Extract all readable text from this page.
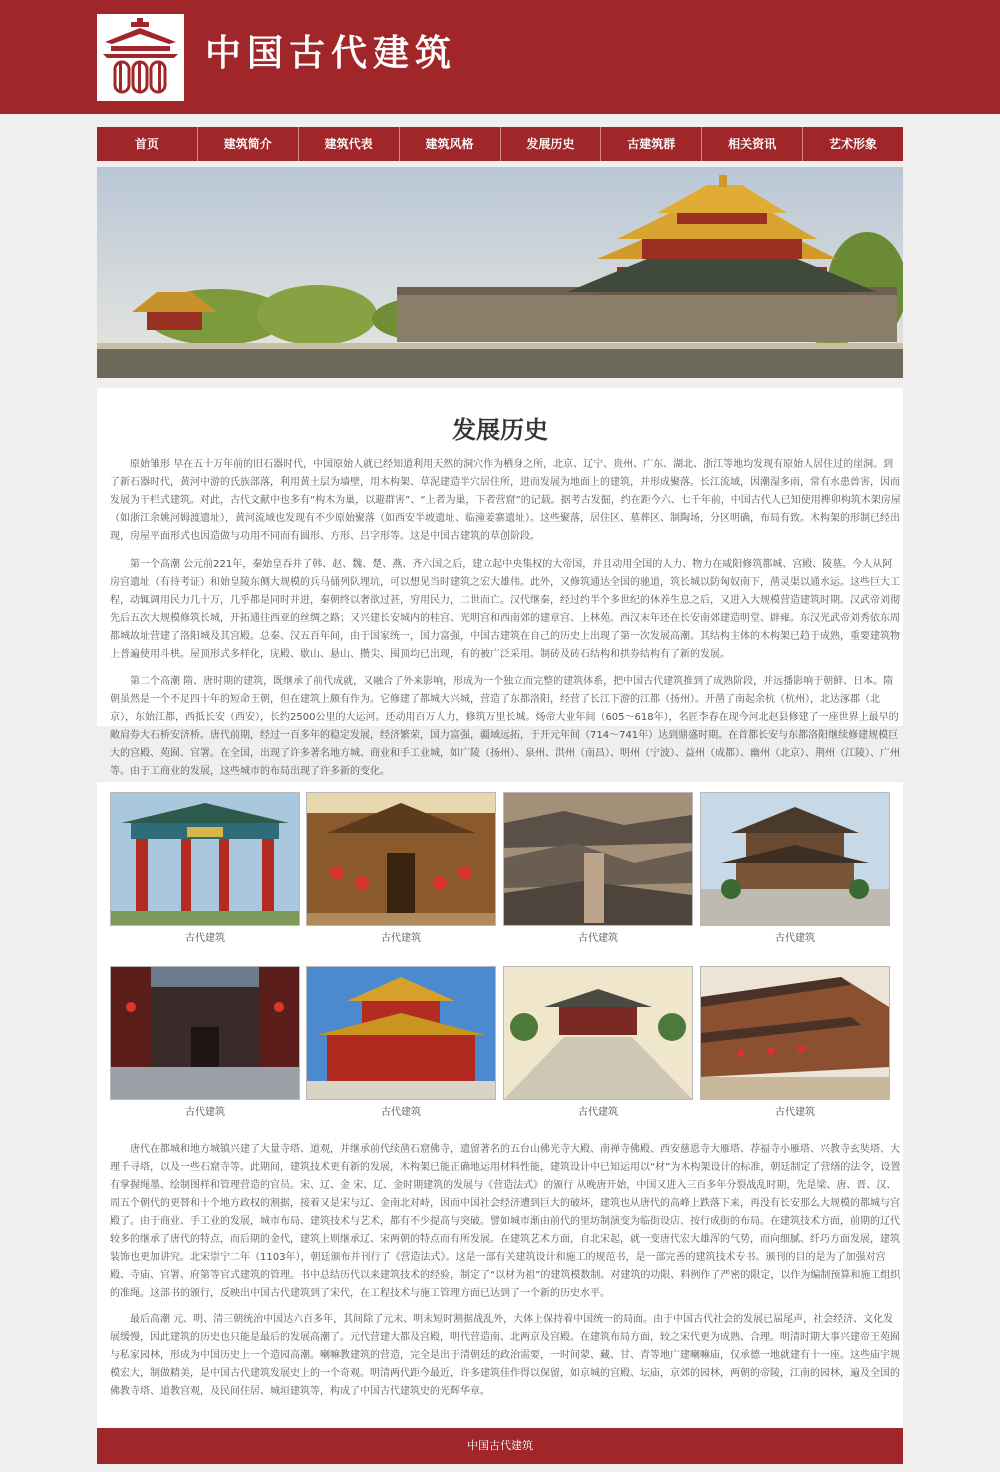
中国古代建筑
首页	建筑简介	建筑代表	建筑风格	发展历史	古建筑群	相关资讯	艺术形象
发展历史

原始雏形 早在五十万年前的旧石器时代，中国原始人就已经知道利用天然的洞穴作为栖身之所，北京、辽宁、贵州、广东、湖北、浙江等地均发现有原始人居住过的崖洞。到了新石器时代，黄河中游的氏族部落，利用黄土层为墙壁，用木构架、草泥建造半穴居住所，进而发展为地面上的建筑，并形成聚落。长江流域，因潮湿多雨，常有水患兽害，因而发展为干栏式建筑。对此，古代文献中也多有“构木为巢，以避群害”、“上者为巢，下者营窟”的记载。据考古发掘，约在距今六、七千年前，中国古代人已知使用榫卯构筑木架房屋（如浙江余姚河姆渡遗址），黄河流域也发现有不少原始聚落（如西安半坡遗址、临潼姜寨遗址）。这些聚落，居住区、墓葬区、制陶场，分区明确，布局有致。木构架的形制已经出现，房屋平面形式也因造做与功用不同而有圆形、方形、吕字形等。这是中国古建筑的草创阶段。

第一个高潮 公元前221年，秦始皇吞并了韩、赵、魏、楚、燕、齐六国之后，建立起中央集权的大帝国，并且动用全国的人力、物力在咸阳修筑都城、宫殿、陵墓。今人从阿房宫遗址（有待考证）和始皇陵东侧大规模的兵马俑列队埋坑，可以想见当时建筑之宏大雄伟。此外，又修筑通达全国的驰道，筑长城以防匈奴南下，凿灵渠以通水运。这些巨大工程，动辄调用民力几十万，几乎都是同时并进，秦朝终以奢欲过甚，穷用民力，二世而亡。汉代继秦，经过约半个多世纪的休养生息之后，又进入大规模营造建筑时期。汉武帝刘彻先后五次大规模修筑长城，开拓通往西亚的丝绸之路；又兴建长安城内的桂宫、光明宫和西南郊的建章宫、上林苑。西汉末年还在长安南郊建造明堂、辟雍。东汉光武帝刘秀依东周都城故址营建了洛阳城及其宫殿。总秦、汉五百年间，由于国家统一，国力富强，中国古建筑在自己的历史上出现了第一次发展高潮。其结构主体的木构架已趋于成熟，重要建筑物上普遍使用斗栱。屋顶形式多样化，庑殿、歇山、悬山、攒尖、囤顶均已出现，有的被广泛采用。制砖及砖石结构和拱券结构有了新的发展。

第二个高潮 隋、唐时期的建筑，既继承了前代成就，又融合了外来影响，形成为一个独立而完整的建筑体系，把中国古代建筑推到了成熟阶段，并远播影响于朝鲜、日本。隋朝虽然是一个不足四十年的短命王朝，但在建筑上颇有作为。它修建了都城大兴城，营造了东都洛阳，经营了长江下游的江都（扬州）。开凿了南起余杭（杭州），北达涿郡（北京），东始江都，西抵长安（西安），长约2500公里的大运河。还动用百万人力，修筑万里长城。炀帝大业年间（605～618年），名匠李春在现今河北赵县修建了一座世界上最早的敞肩券大石桥安济桥。唐代前期，经过一百多年的稳定发展，经济繁荣，国力富强，疆域远拓，于开元年间（714～741年）达到鼎盛时期。在首都长安与东都洛阳继续修建规模巨大的宫殿、苑囿、官署。在全国，出现了许多著名地方城、商业和手工业城，如广陵（扬州）、泉州、洪州（南昌）、明州（宁波）、益州（成都）、幽州（北京）、荆州（江陵）、广州等。由于工商业的发展，这些城市的布局出现了许多新的变化。

古代建筑	古代建筑	古代建筑	古代建筑
古代建筑	古代建筑	古代建筑	古代建筑

唐代在都城和地方城镇兴建了大量寺塔、道观，并继承前代续凿石窟佛寺，遗留著名的五台山佛光寺大殿、南禅寺佛殿、西安慈恩寺大雁塔、荐福寺小雁塔、兴教寺玄奘塔、大理千寻塔，以及一些石窟寺等。此期间，建筑技术更有新的发展，木构架已能正确地运用材料性能，建筑设计中已知运用以“材”为木构架设计的标准，朝廷制定了营缮的法令，设置有掌握绳墨、绘制图样和管理营造的官员。宋、辽、金 宋、辽、金时期建筑的发展与《营造法式》的颁行 从晚唐开始，中国又进入三百多年分裂战乱时期，先是梁、唐、晋、汉、周五个朝代的更替和十个地方政权的割据，接着又是宋与辽、金南北对峙，因而中国社会经济遭到巨大的破坏，建筑也从唐代的高峰上跌落下来，再没有长安那么大规模的都城与宫殿了。由于商业、手工业的发展，城市布局、建筑技术与艺术，都有不少提高与突破。譬如城市渐由前代的里坊制演变为临街设店、按行成街的布局。在建筑技术方面，前期的辽代较多的继承了唐代的特点，而后期的金代，建筑上则继承辽、宋两朝的特点而有所发展。在建筑艺术方面，自北宋起，就一变唐代宏大雄浑的气势，而向细腻、纤巧方面发展，建筑装饰也更加讲究。北宋崇宁二年（1103年），朝廷颁布并刊行了《营造法式》。这是一部有关建筑设计和施工的规范书，是一部完善的建筑技术专书。颁刊的目的是为了加强对宫殿、寺庙、官署、府第等官式建筑的管理。书中总结历代以来建筑技术的经验，制定了“以材为祖”的建筑模数制。对建筑的功限、料例作了严密的限定，以作为编制预算和施工组织的准绳。这部书的颁行，反映出中国古代建筑到了宋代，在工程技术与施工管理方面已达到了一个新的历史水平。

最后高潮 元、明、清三朝统治中国达六百多年，其间除了元末、明末短时割据战乱外，大体上保持着中国统一的局面。由于中国古代社会的发展已届尾声，社会经济、文化发展缓慢，因此建筑的历史也只能是最后的发展高潮了。元代营建大都及宫殿，明代营造南、北两京及宫殿。在建筑布局方面，较之宋代更为成熟、合理。明清时期大事兴建帝王苑囿与私家园林，形成为中国历史上一个造园高潮。喇嘛教建筑的营造，完全是出于清朝廷的政治需要，一时间蒙、藏、甘、青等地广建喇嘛庙，仅承德一地就建有十一座。这些庙宇规模宏大，制做精美，是中国古代建筑发展史上的一个奇观。明清两代距今最近，许多建筑佳作得以保留，如京城的宫殿、坛庙，京郊的园林，两朝的帝陵，江南的园林，遍及全国的佛教寺塔、道教宫观，及民间住居、城垣建筑等，构成了中国古代建筑史的光辉华章。

中国古代建筑
